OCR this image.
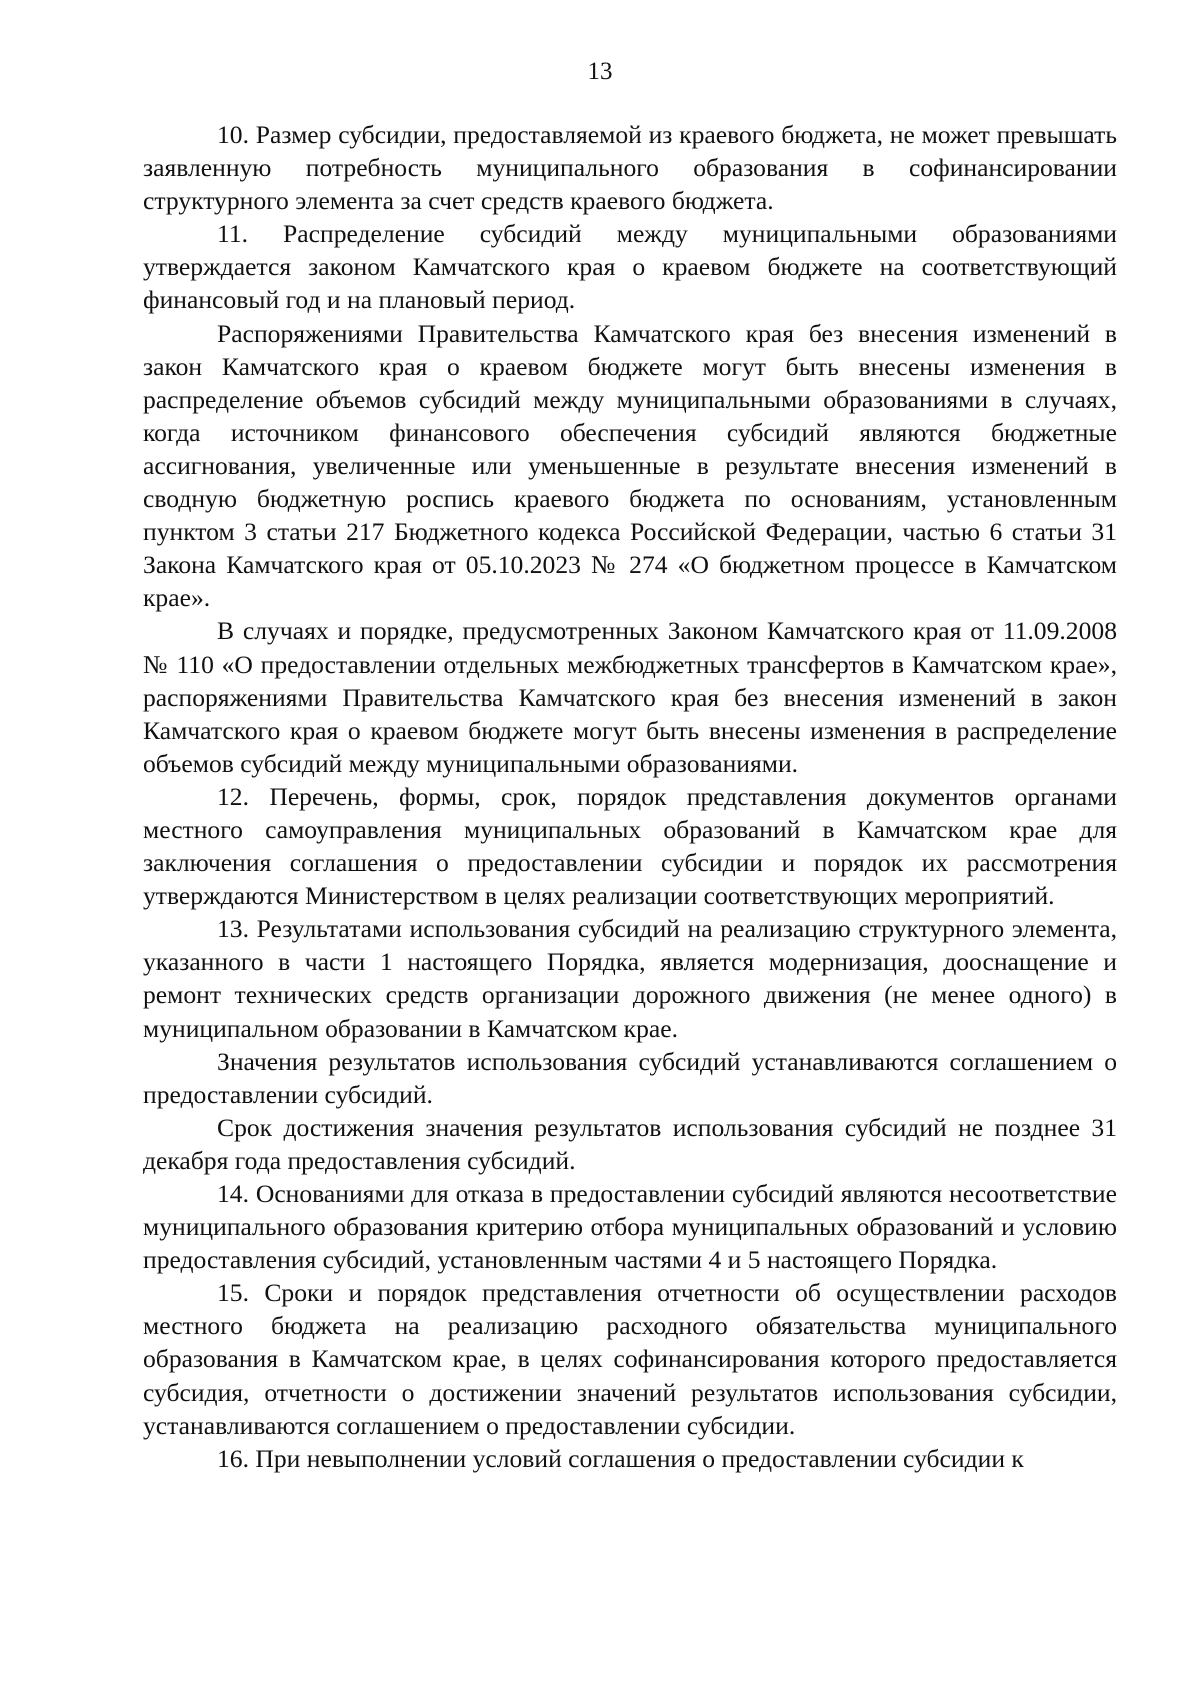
13

10. Размер субсидии, предоставляемой из краевого бюджета, не может превышать заявленную потребность муниципального образования в софинансировании структурного элемента за счет средств краевого бюджета.

11. Распределение субсидий между муниципальными образованиями утверждается законом Камчатского края о краевом бюджете на соответствующий финансовый год и на плановый период.

Распоряжениями Правительства Камчатского края без внесения изменений в закон Камчатского края о краевом бюджете могут быть внесены изменения в распределение объемов субсидий между муниципальными образованиями в случаях, когда источником финансового обеспечения субсидий являются бюджетные ассигнования, увеличенные или уменьшенные в результате внесения изменений в сводную бюджетную роспись краевого бюджета по основаниям, установленным пунктом 3 статьи 217 Бюджетного кодекса Российской Федерации, частью 6 статьи 31 Закона Камчатского края от 05.10.2023 № 274 «О бюджетном процессе в Камчатском крае».

В случаях и порядке, предусмотренных Законом Камчатского края от 11.09.2008 № 110 «О предоставлении отдельных межбюджетных трансфертов в Камчатском крае», распоряжениями Правительства Камчатского края без внесения изменений в закон Камчатского края о краевом бюджете могут быть внесены изменения в распределение объемов субсидий между муниципальными образованиями.

12. Перечень, формы, срок, порядок представления документов органами местного самоуправления муниципальных образований в Камчатском крае для заключения соглашения о предоставлении субсидии и порядок их рассмотрения утверждаются Министерством в целях реализации соответствующих мероприятий.

13. Результатами использования субсидий на реализацию структурного элемента, указанного в части 1 настоящего Порядка, является модернизация, дооснащение и ремонт технических средств организации дорожного движения (не менее одного) в муниципальном образовании в Камчатском крае.

Значения результатов использования субсидий устанавливаются соглашением о предоставлении субсидий.

Срок достижения значения результатов использования субсидий не позднее 31 декабря года предоставления субсидий.

14. Основаниями для отказа в предоставлении субсидий являются несоответствие муниципального образования критерию отбора муниципальных образований и условию предоставления субсидий, установленным частями 4 и 5 настоящего Порядка.

15. Сроки и порядок представления отчетности об осуществлении расходов местного бюджета на реализацию расходного обязательства муниципального образования в Камчатском крае, в целях софинансирования которого предоставляется субсидия, отчетности о достижении значений результатов использования субсидии, устанавливаются соглашением о предоставлении субсидии.

16. При невыполнении условий соглашения о предоставлении субсидии к
